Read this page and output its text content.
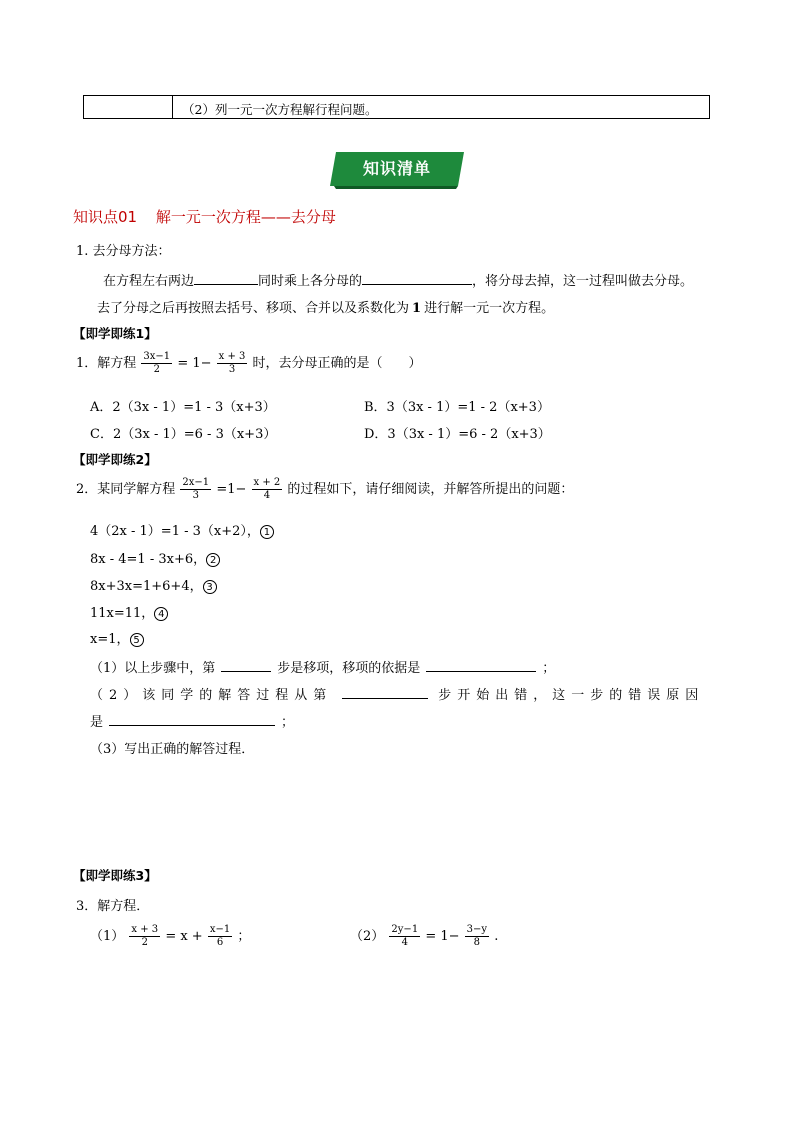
（2）列一元一次方程解行程问题。
知识清单
知识点01 解一元一次方程——去分母
1. 去分母方法：
在方程左右两边	同时乘上各分母的	，将分母去掉，这一过程叫做去分母。
去了分母之后再按照去括号、移项、合并以及系数化为 1 进行解一元一次方程。
【即学即练1】
1．解方程 $\frac{3x-1}{2} = 1- \frac{x + 3}{3}$ 时，去分母正确的是（　　）
A．2（3x - 1）=1 - 3（x+3）	B．3（3x - 1）=1 - 2（x+3）
C．2（3x - 1）=6 - 3（x+3）	D．3（3x - 1）=6 - 2（x+3）
【即学即练2】
2．某同学解方程 $\frac{2x-1}{3} =1- \frac{x + 2}{4}$ 的过程如下，请仔细阅读，并解答所提出的问题：
4（2x - 1）=1 - 3（x+2）， 1
8x - 4=1 - 3x+6， 2
8x+3x=1+6+4， 3
11x=11， 4
x=1， 5
（1）以上步骤中，第	步是移项，移项的依据是	；
（2）该同学的解答过程从第	步开始出错，这一步的错误原因
是	；
（3）写出正确的解答过程．
【即学即练3】
3．解方程．
$(1) \frac{x + 3}{2} = x + \frac{x-1}{6}$ ；	$(2) \frac{2y-1}{4} = 1- \frac{3-y}{8}$ .
